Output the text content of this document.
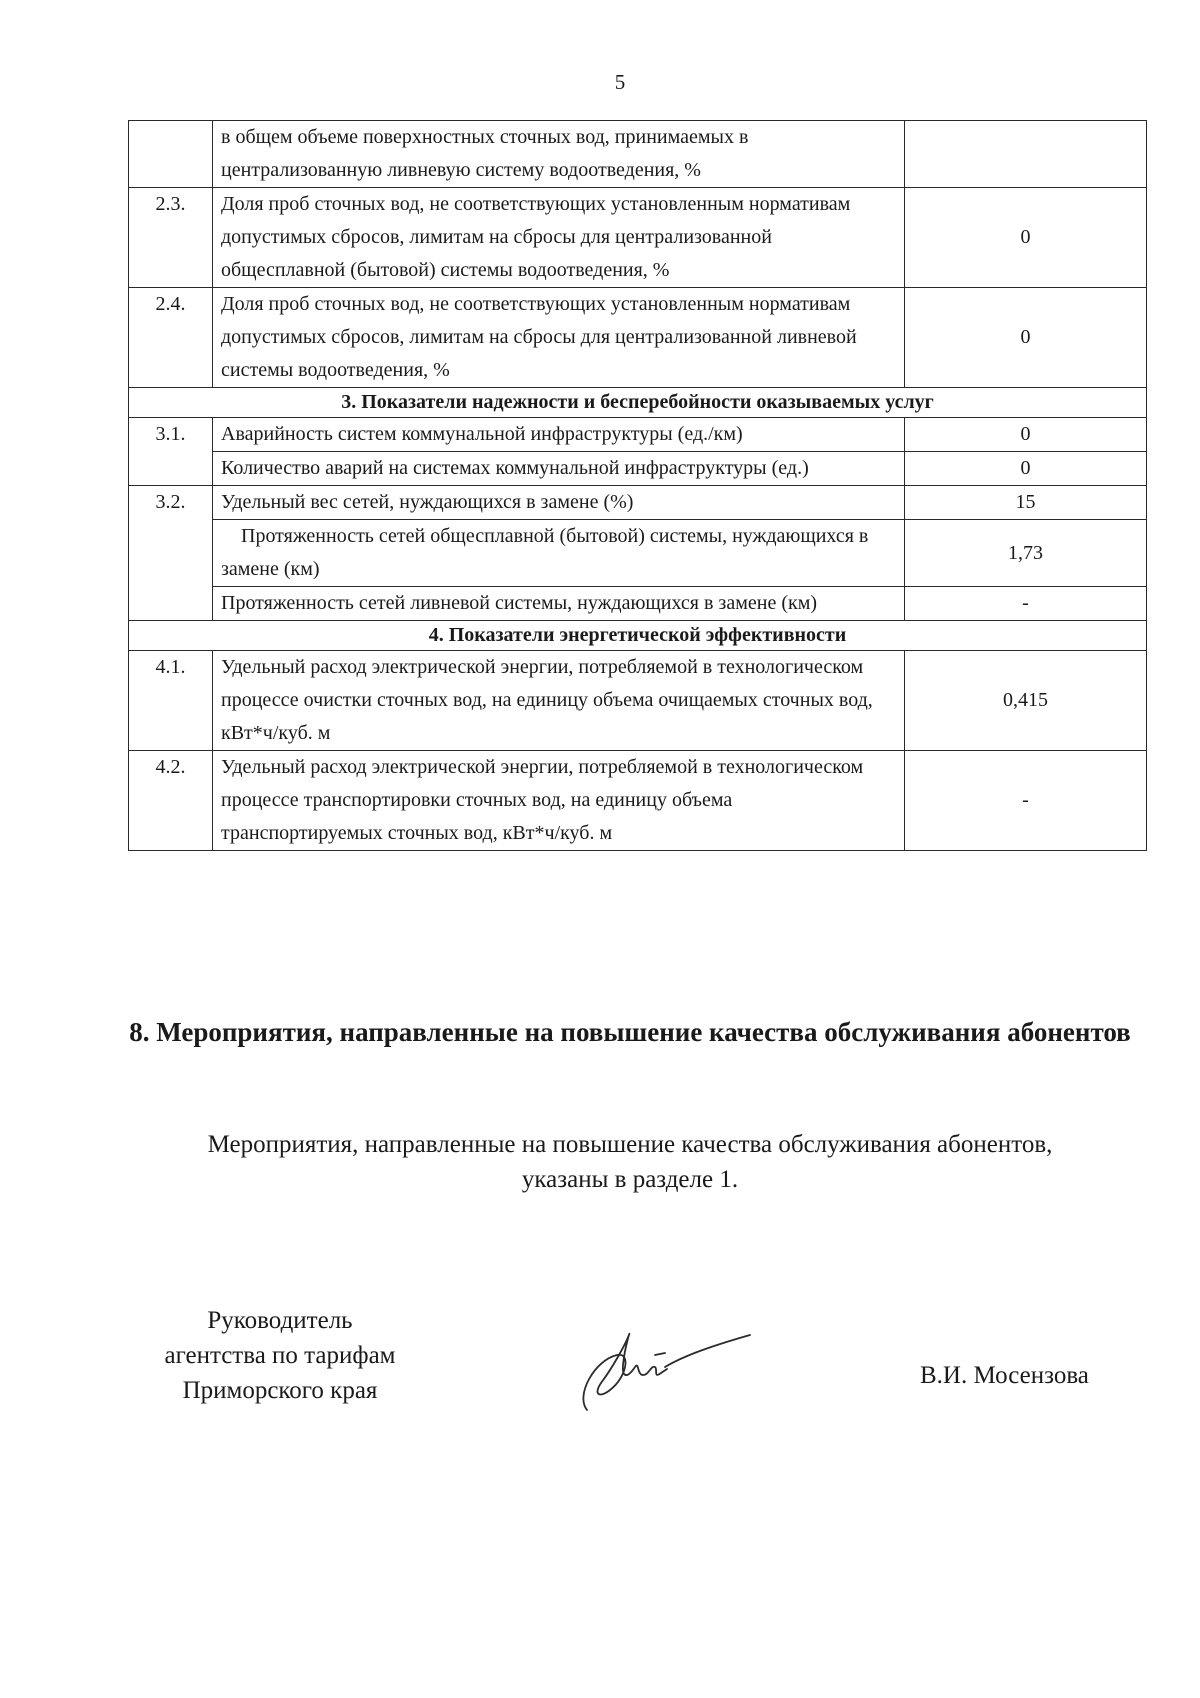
5
	в общем объеме поверхностных сточных вод, принимаемых в централизованную ливневую систему водоотведения, %	
2.3.	Доля проб сточных вод, не соответствующих установленным нормативам допустимых сбросов, лимитам на сбросы для централизованной общесплавной (бытовой) системы водоотведения, %	0
2.4.	Доля проб сточных вод, не соответствующих установленным нормативам допустимых сбросов, лимитам на сбросы для централизованной ливневой системы водоотведения, %	0
3. Показатели надежности и бесперебойности оказываемых услуг		
3.1.	Аварийность систем коммунальной инфраструктуры (ед./км)	0
	Количество аварий на системах коммунальной инфраструктуры (ед.)	0
3.2.	Удельный вес сетей, нуждающихся в замене (%)	15
	Протяженность сетей общесплавной (бытовой) системы, нуждающихся в замене (км)	1,73
	Протяженность сетей ливневой системы, нуждающихся в замене (км)	-
4. Показатели энергетической эффективности		
4.1.	Удельный расход электрической энергии, потребляемой в технологическом процессе очистки сточных вод, на единицу объема очищаемых сточных вод, кВт*ч/куб. м	0,415
4.2.	Удельный расход электрической энергии, потребляемой в технологическом процессе транспортировки сточных вод, на единицу объема транспортируемых сточных вод, кВт*ч/куб. м	-
8. Мероприятия, направленные на повышение качества обслуживания абонентов
Мероприятия, направленные на повышение качества обслуживания абонентов, указаны в разделе 1.
Руководитель
агентства по тарифам
Приморского края
В.И. Мосензова
